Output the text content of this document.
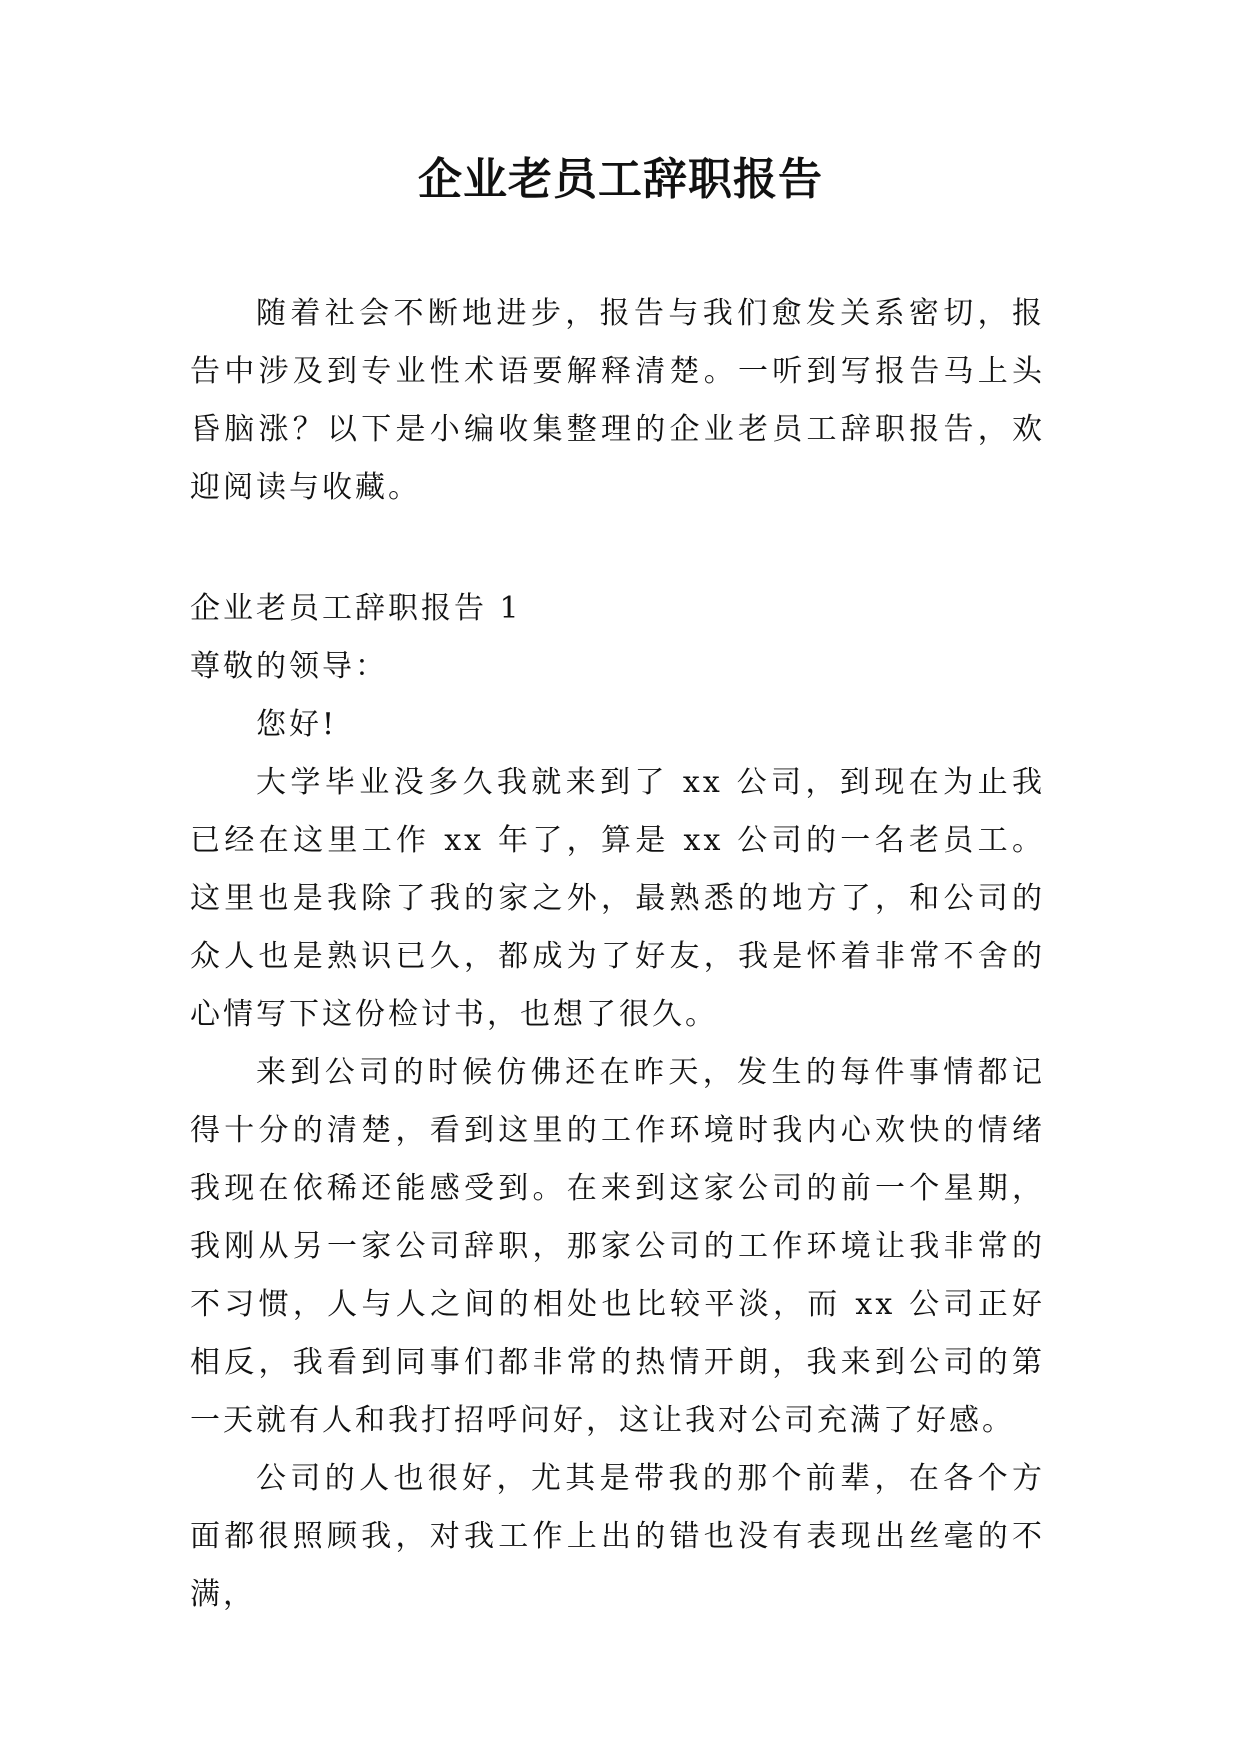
企业老员工辞职报告

随着社会不断地进步，报告与我们愈发关系密切，报告中涉及到专业性术语要解释清楚。一听到写报告马上头昏脑涨？以下是小编收集整理的企业老员工辞职报告，欢迎阅读与收藏。

企业老员工辞职报告 1
尊敬的领导：
您好!

大学毕业没多久我就来到了 xx 公司，到现在为止我已经在这里工作 xx 年了，算是 xx 公司的一名老员工。这里也是我除了我的家之外，最熟悉的地方了，和公司的众人也是熟识已久，都成为了好友，我是怀着非常不舍的心情写下这份检讨书，也想了很久。

来到公司的时候仿佛还在昨天，发生的每件事情都记得十分的清楚，看到这里的工作环境时我内心欢快的情绪我现在依稀还能感受到。在来到这家公司的前一个星期，我刚从另一家公司辞职，那家公司的工作环境让我非常的不习惯，人与人之间的相处也比较平淡，而 xx 公司正好相反，我看到同事们都非常的热情开朗，我来到公司的第一天就有人和我打招呼问好，这让我对公司充满了好感。

公司的人也很好，尤其是带我的那个前辈，在各个方面都很照顾我，对我工作上出的错也没有表现出丝毫的不满，
